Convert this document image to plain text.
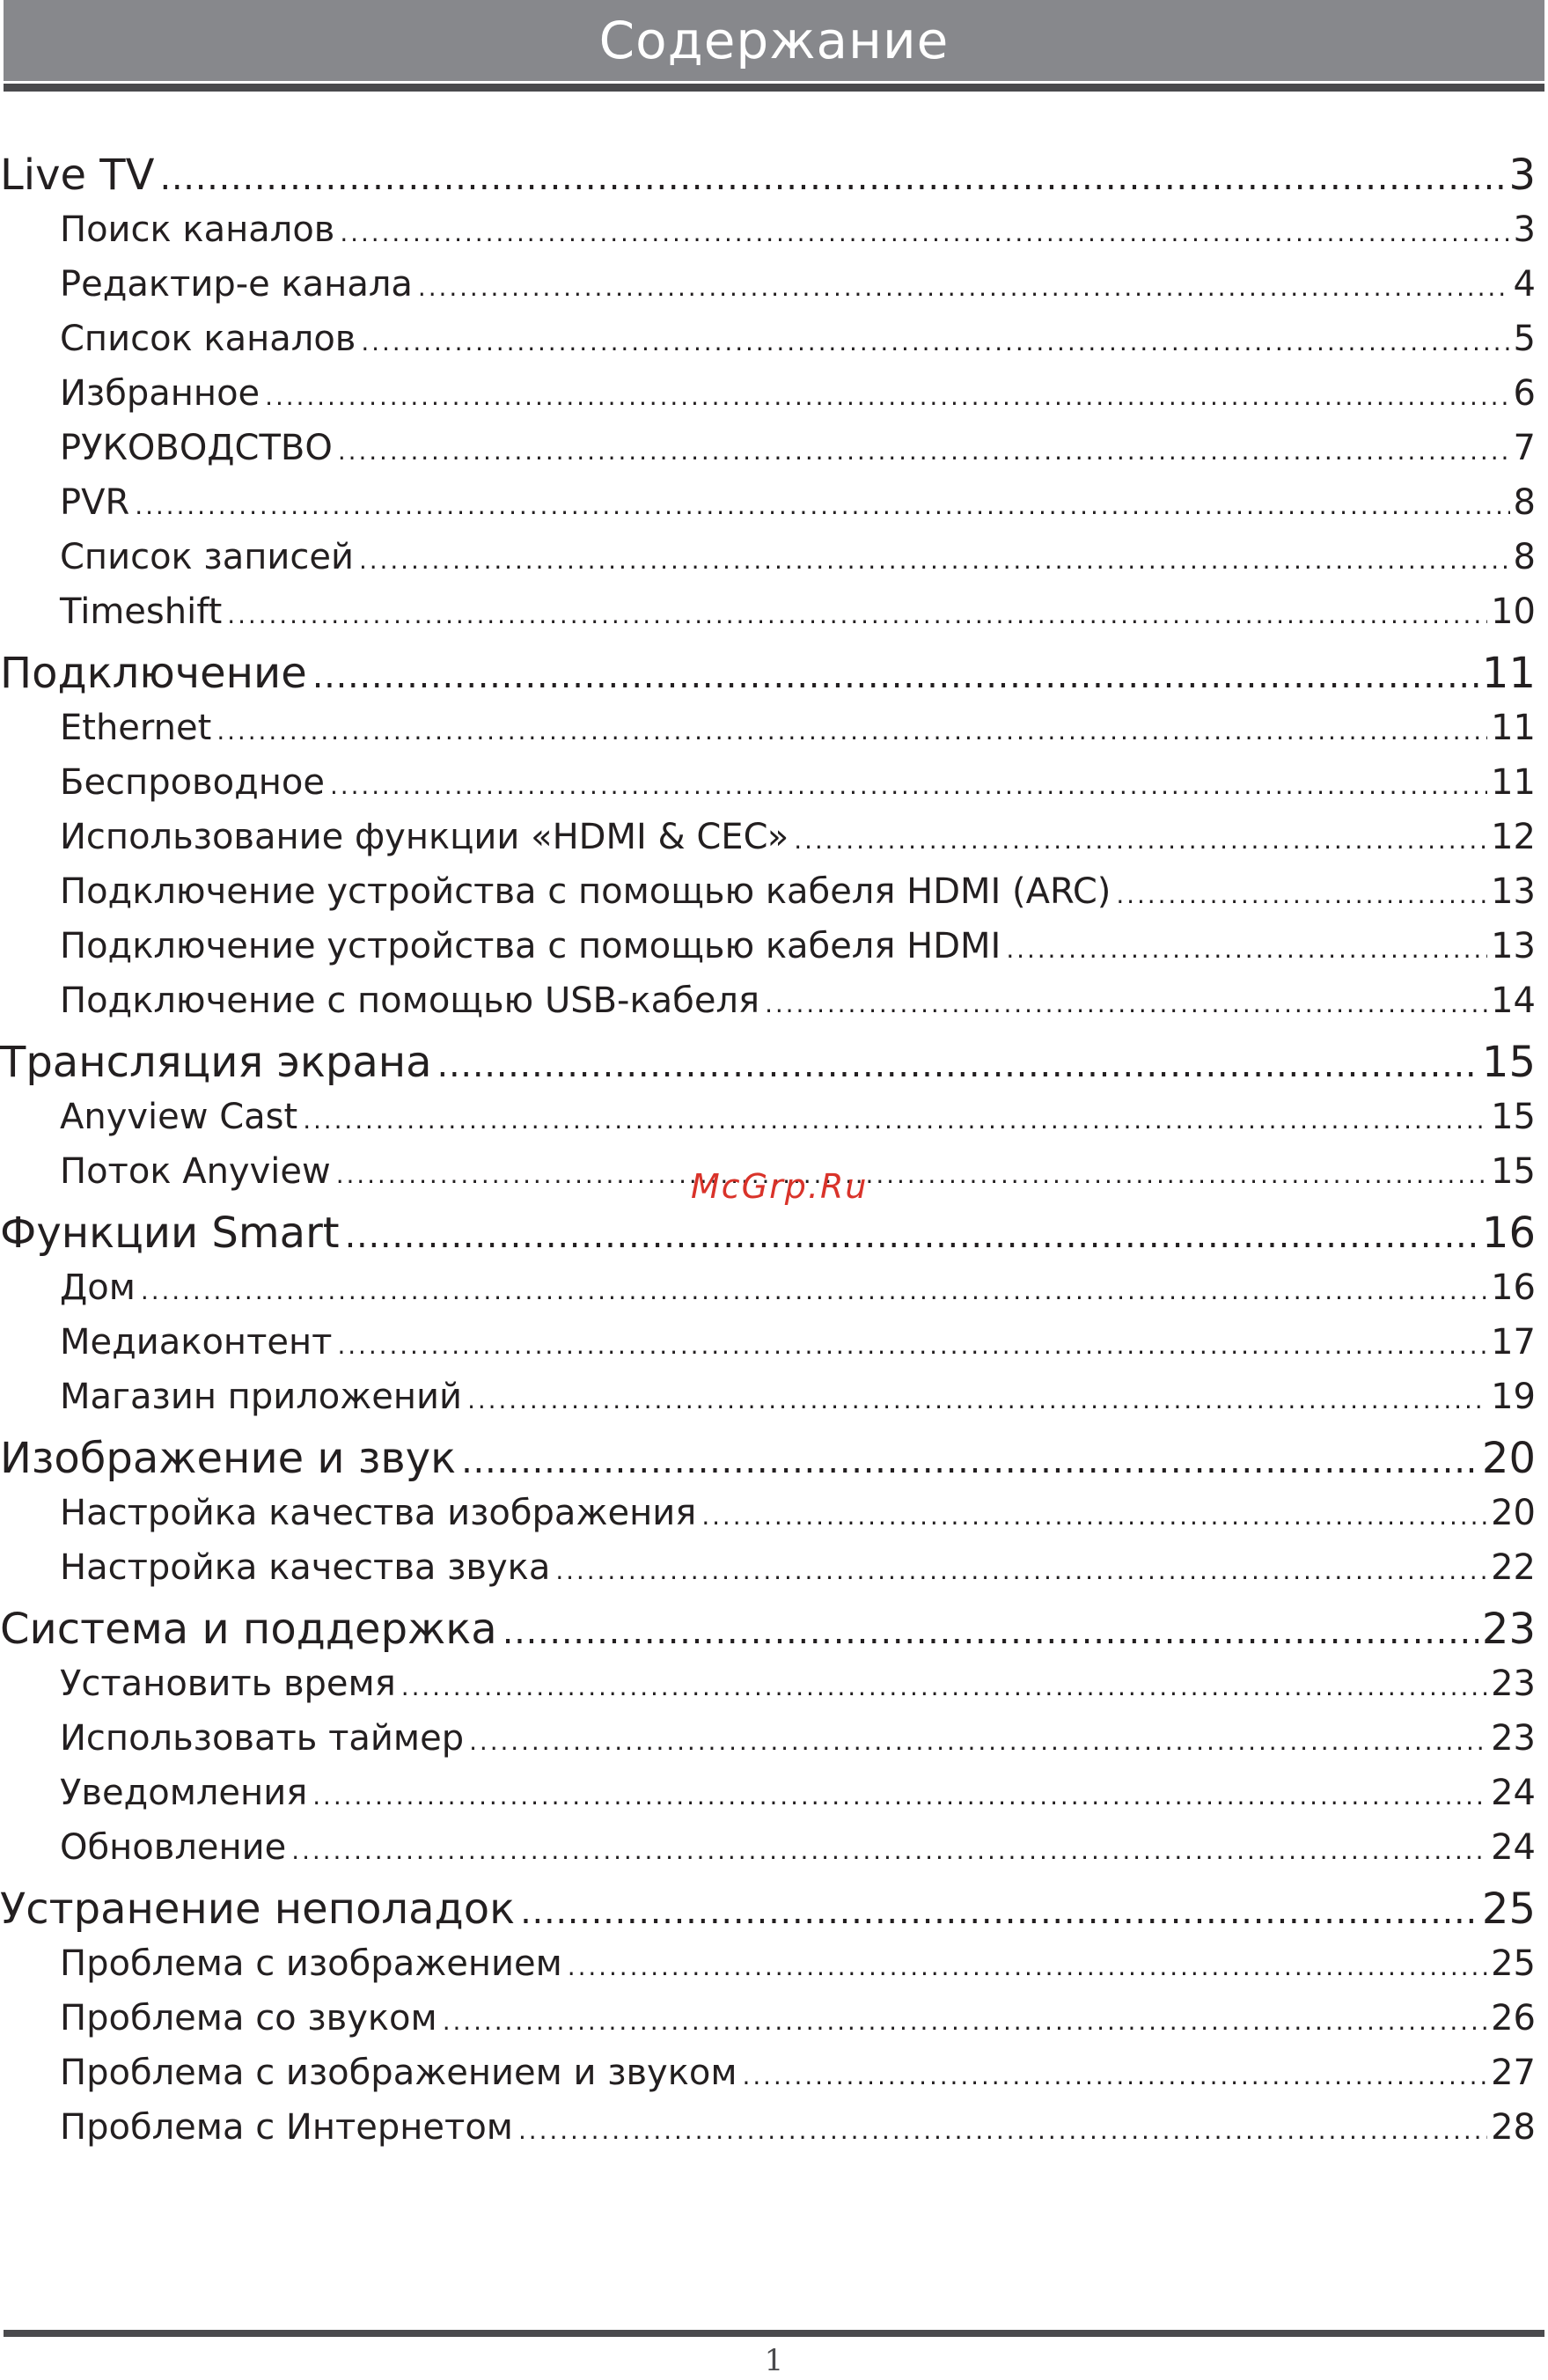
Содержание
Live TV . . .	3
Поиск каналов . . .	3
Редактир-е канала . . .	4
Список каналов . . .	5
Избранное . . .	6
РУКОВОДСТВО . . .	7
PVR . . .	8
Список записей . . .	8
Timeshift . . .	10
Подключение . . .	11
Ethernet . . .	11
Беспроводное . . .	11
Использование функции «HDMI & CEC» . . .	12
Подключение устройства с помощью кабеля HDMI (ARC) . . .	13
Подключение устройства с помощью кабеля HDMI . . .	13
Подключение с помощью USB-кабеля . . .	14
Трансляция экрана . . .	15
Anyview Cast . . .	15
Поток Anyview . . .	15
Функции Smart . . .	16
Дом . . .	16
Медиаконтент . . .	17
Магазин приложений . . .	19
Изображение и звук . . .	20
Настройка качества изображения . . .	20
Настройка качества звука . . .	22
Система и поддержка . . .	23
Установить время . . .	23
Использовать таймер . . .	23
Уведомления . . .	24
Обновление . . .	24
Устранение неполадок . . .	25
Проблема с изображением . . .	25
Проблема со звуком . . .	26
Проблема с изображением и звуком . . .	27
Проблема с Интернетом . . .	28
McGrp.Ru
1
